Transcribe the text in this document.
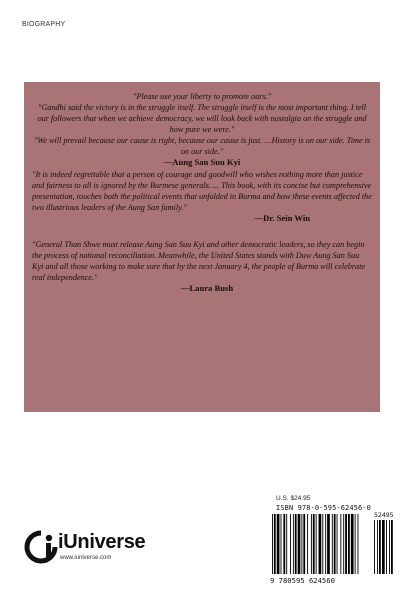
BIOGRAPHY

"Please use your liberty to promote ours."

"Gandhi said the victory is in the struggle itself. The struggle itself is the most important thing. I tell our followers that when we achieve democracy, we will look back with nostalgia on the struggle and how pure we were."

"We will prevail because our cause is right, because our cause is just. …History is on our side. Time is on our side."

—Aung San Suu Kyi

"It is indeed regrettable that a person of courage and goodwill who wishes nothing more than justice and fairness to all is ignored by the Burmese generals. ... This book, with its concise but comprehensive presentation, touches both the political events that unfolded in Burma and how these events affected the two illustrious leaders of the Aung San family."

—Dr. Sein Win

"General Than Shwe must release Aung San Suu Kyi and other democratic leaders, so they can begin the process of national reconciliation. Meanwhile, the United States stands with Daw Aung San Suu Kyi and all those working to make sure that by the next January 4, the people of Burma will celebrate real independence."

—Laura Bush

U.S. $24.95
ISBN 978-0-595-62456-0
52495
9 780595 624560
iUniverse
www.iuniverse.com
